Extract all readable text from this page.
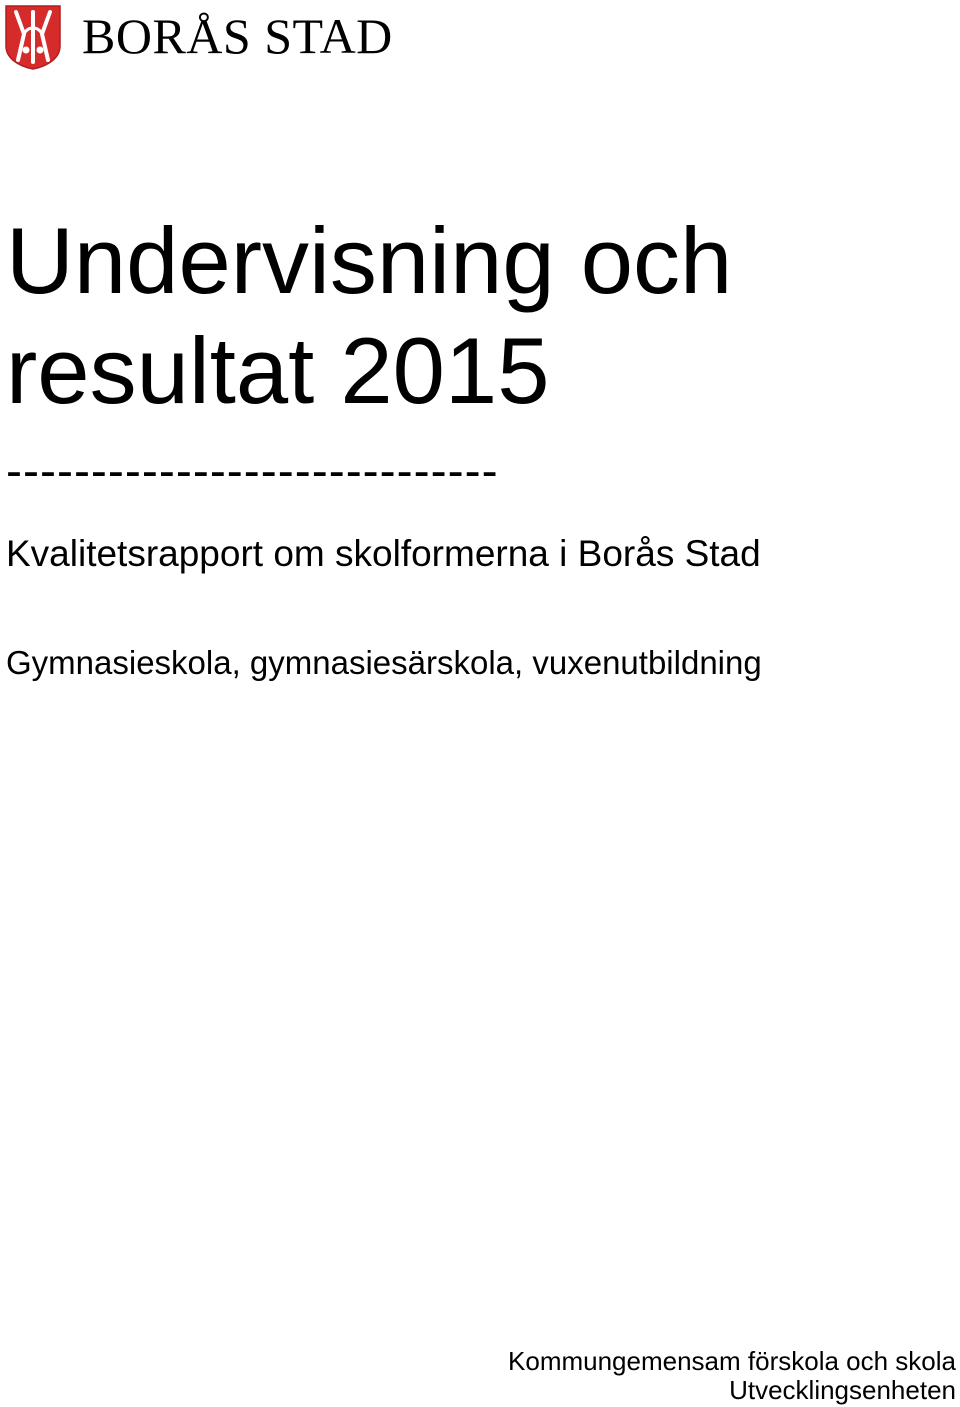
BORÅS STAD
Undervisning och
resultat 2015
-----------------------------
Kvalitetsrapport om skolformerna i Borås Stad
Gymnasieskola, gymnasiesärskola, vuxenutbildning
Kommungemensam förskola och skola
Utvecklingsenheten
